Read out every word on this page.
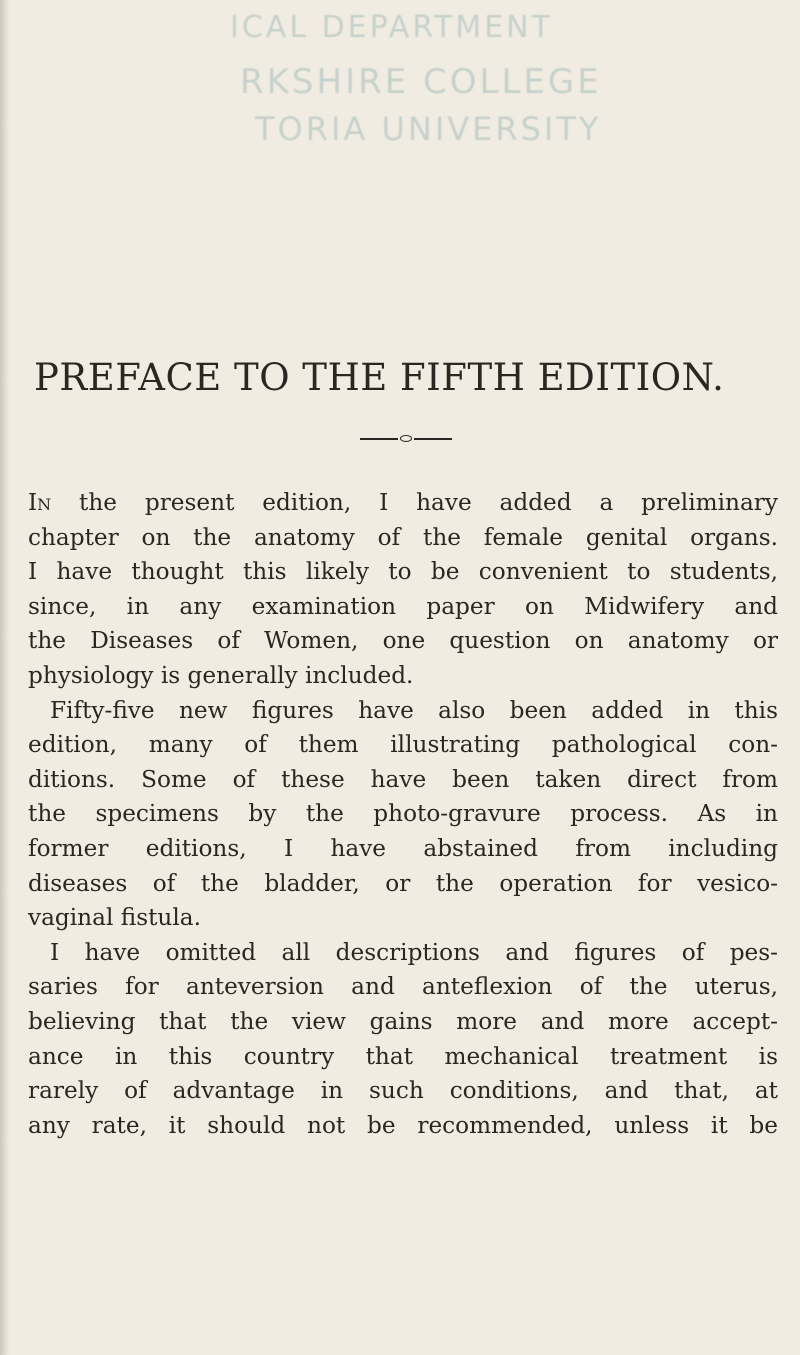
ICAL DEPARTMENT
RKSHIRE COLLEGE
TORIA UNIVERSITY
PREFACE TO THE FIFTH EDITION.
In the present edition, I have added a preliminary
chapter on the anatomy of the female genital organs.
I have thought this likely to be convenient to students,
since, in any examination paper on Midwifery and
the Diseases of Women, one question on anatomy or
physiology is generally included.
Fifty-five new figures have also been added in this
edition, many of them illustrating pathological con-
ditions. Some of these have been taken direct from
the specimens by the photo-gravure process. As in
former editions, I have abstained from including
diseases of the bladder, or the operation for vesico-
vaginal fistula.
I have omitted all descriptions and figures of pes-
saries for anteversion and anteflexion of the uterus,
believing that the view gains more and more accept-
ance in this country that mechanical treatment is
rarely of advantage in such conditions, and that, at
any rate, it should not be recommended, unless it be
